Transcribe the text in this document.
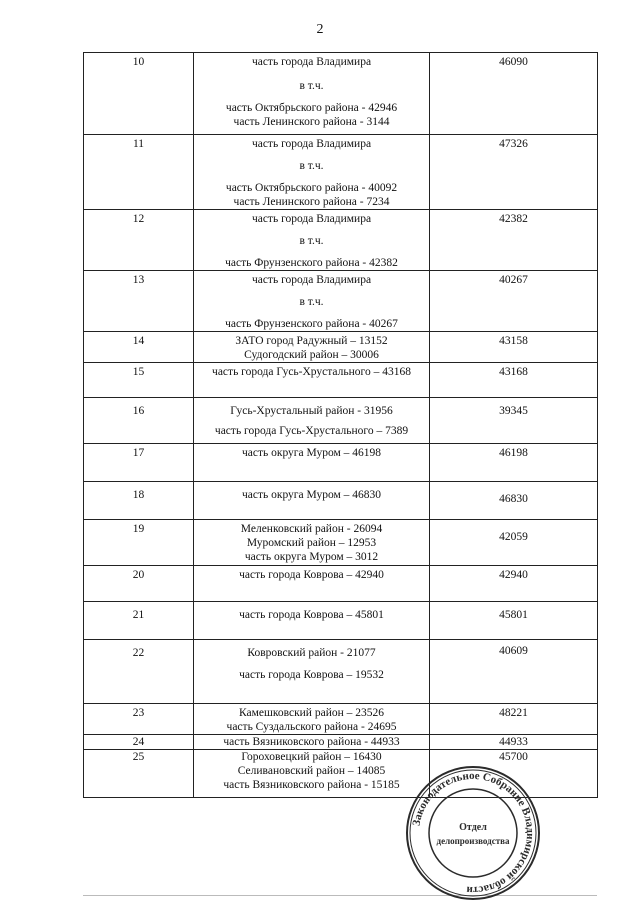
2
10	часть города Владимира
в т.ч.
часть Октябрьского района - 42946
часть Ленинского района - 3144	46090
11	часть города Владимира
в т.ч.
часть Октябрьского района - 40092
часть Ленинского района - 7234	47326
12	часть города Владимира
в т.ч.
часть Фрунзенского района - 42382	42382
13	часть города Владимира
в т.ч.
часть Фрунзенского района - 40267	40267
14	ЗАТО город Радужный – 13152
Судогодский район – 30006	43158
15	часть города Гусь-Хрустального – 43168	43168
16	Гусь-Хрустальный район - 31956
часть города Гусь-Хрустального – 7389	39345
17	часть округа Муром – 46198	46198
18	часть округа Муром – 46830	46830
19	Меленковский район - 26094
Муромский район – 12953
часть округа Муром – 3012	42059
20	часть города Коврова – 42940	42940
21	часть города Коврова – 45801	45801
22	Ковровский район - 21077
часть города Коврова – 19532	40609
23	Камешковский район – 23526
часть Суздальского района - 24695	48221
24	часть Вязниковского района - 44933	44933
25	Гороховецкий район – 16430
Селивановский район – 14085
часть Вязниковского района - 15185	45700
Законодательное Собрание Владимирской области
Отдел
делопроизводства
